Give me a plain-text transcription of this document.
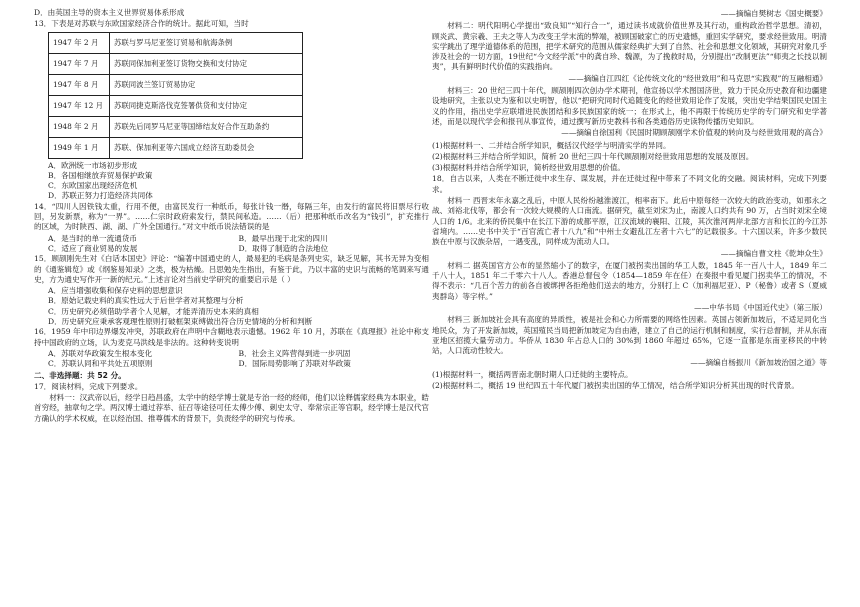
D．由英国主导的资本主义世界贸易体系形成

13．下表是对苏联与东欧国家经济合作的统计。据此可知，当时

1947 年 2 月	苏联与罗马尼亚签订贸易和航海条例
1947 年 7 月	苏联同保加利亚签订货物交换和支付协定
1947 年 8 月	苏联同波兰签订贸易协定
1947 年 12 月	苏联同捷克斯洛伐克签署供货和支付协定
1948 年 2 月	苏联先后同罗马尼亚等国缔结友好合作互助条约
1949 年 1 月	苏联、保加利亚等六国成立经济互助委员会

A．欧洲统一市场初步形成

B．各国相继放弃贸易保护政策

C．东欧国家出现经济危机

D．苏联正努力打造经济共同体

14．“四川人因铁钱太重，行用不便，由富民发行一种纸币，每张计钱一缗，每隔三年，由发行的富民将旧票尽行收回，另发新票，称为“一界”。……仁宗时政府索发行，禁民间私造。……（后）把那种纸币改名为“钱引”，扩充推行的区域，为时陕西、湖、湖、广外全国通行。”对文中纸币说法错误的是

A．是当时的单一流通货币	B．最早出现于北宋的四川
C．适应了商业贸易的发展	D．取得了制造的合法地位

15．顾颉刚先生对《白话本国史》评论：“编著中国通史的人，最易犯的毛病是条列史实，缺乏见解，其书无异为变相的《通鉴辑览》或《纲鉴易知录》之类，极为枯燥。吕思勉先生指出，有鉴于此，乃以丰富的史识与流畅的笔调来写通史，方为通史写作开一新的纪元。”上述言论对当前史学研究的重要启示是（ ）

A．应当增强收集和保存史料的思想意识

B．原始记载史料的真实性远大于后世学者对其整理与分析

C．历史研究必须借助学者个人见解，才能弄清历史本来的真相

D．历史研究应秉承客观理性原则打破框架束缚做出符合历史情境的分析和判断

16．1959 年中印边界爆发冲突，苏联政府在声明中含糊地表示遗憾。1962 年 10 月，苏联在《真理报》社论中称支持中国政府的立场，认为麦克马洪线是非法的。这种转变说明

A．苏联对华政策发生根本变化	B．社会主义阵营得到进一步巩固
C．苏联认同和平共处五项原则	D．国际局势影响了苏联对华政策

二、非选择题：共 52 分。

17．阅读材料，完成下列要求。

材料一：汉武帝以后，经学日趋昌盛，太学中的经学博士就是专治一经的经师，他们以诠释儒家经典为本职业，皓首穷经，抽章句之学。两汉博士通过荐举、征召等途径可任太傅少傅、刺史太守、奉常宗正等官职，经学博士是汉代官方确认的学术权威，在以经治国、推尊儒术的背景下，负责经学的研究与传承。

——摘编自樊树志《国史概要》

材料二：明代阳明心学提出“致良知”“知行合一”，通过读书成就价值世界及其行动，重构政治哲学思想。清初，顾炎武、黄宗羲、王夫之等人为改变王学末流的弊端，被顾国破家亡的历史遗憾，重回实学研究，要求经世致用。明清实学跳出了理学道德体系的范围，把学术研究的范围从儒家经典扩大到了自然、社会和思想文化领域，其研究对象几乎涉及社会的一切方面，19世纪“今文经学派”中的龚自珍、魏源，为了挽救时局，分别提出“改制更法”“师夷之长技以制夷”，具有鲜明时代价值的实践指向。

——摘编自江四红《论传统文化的“经世致用”和马克思“实践观”的互融相通》

材料三：20 世纪三四十年代，顾颉刚四次创办学术期刊，他宣扬以学术图国济世，致力于民众历史教育和边疆建设地研究，主张以史为鉴和以史明智，他以“把研究同时代追随变化的经世致用论作了发展，突出史学结果国民史国主义的作用，指出史学应联增进民族团结和多民族国家的统一；在形式上，他不再限于传统历史学的专门研究和史学著述，而是以现代学会和报刊从事宣传，通过撰写新历史教科书和各类通俗历史读物传播历史知识。

——摘编自徐国利《民国时期顾颉刚学术价值观的转向及与经世致用观的高合》

(1)根据材料一、二并结合所学知识，概括汉代经学与明清实学的异同。

(2)根据材料三并结合所学知识，简析 20 世纪三四十年代顾颉刚对经世致用思想的发展及原因。

(3)根据材料并结合所学知识，简析经世致用思想的价值。

18．自古以来，人类在不断迁徙中求生存、谋发展，并在迁徙过程中带来了不同文化的交融。阅读材料，完成下列要求。

材料一 西晋末年永嘉之乱后，中原人民纷纷越淮渡江，相率南下。此后中原每经一次较大的政治变动，如那永之战、刘裕北伐等，都会有一次较大规模的人口南流。据研究，截至刘宋为止，南渡人口约共有 90 万，占当时刘宋全境人口的 1/6。北来的侨民集中在长江下游的成都平原，江汉流域的襄阳、江陵，其次淮河两岸北部方言和长江的今江苏省境内。……史书中关于“百官流亡者十八九”和“中州士女避乱江左者十六七”的记载很多。十六国以来，许多少数民族在中原与汉族杂居，一遇变乱，同样成为流动人口。

——摘编自曹文柱《乾坤众生》

材料二 据英国官方公布的显然缩小了的数字，在厦门被拐卖出国的华工人数，1845 年一百八十人，1849 年二千八十人，1851 年二千零六十八人。香港总督包令（1854—1859 年在任）在奏报中看见厦门拐卖华工的情况，不得不表示：“几百个苦力的前各自被绑押各拒绝他们送去的地方，分别打上 C（加利福尼亚）、P（秘鲁）或者 S（夏威夷群岛）等字样。”

——中华书局《中国近代史》（第三版）

材料三 新加坡社会具有高度的异质性，被是社会和心力所需要的网络性因素。英国占领新加坡后，不适足同化当地民众，为了开发新加坡，英国殖民当局把新加坡定为自由港，建立了自己的运行机制和制度，实行总督制，并从东南亚地区招揽大量劳动力。华侨从 1830 年占总人口的 30%到 1860 年超过 65%，它逐一直都是东南亚移民的中转站，人口流动性较大。

——摘编自杨振川《新加坡治国之道》等

(1)根据材料一，概括两晋南北朝时期人口迁徙的主要特点。

(2)根据材料二，概括 19 世纪四五十年代厦门被拐卖出国的华工情况，结合所学知识分析其出现的时代背景。
